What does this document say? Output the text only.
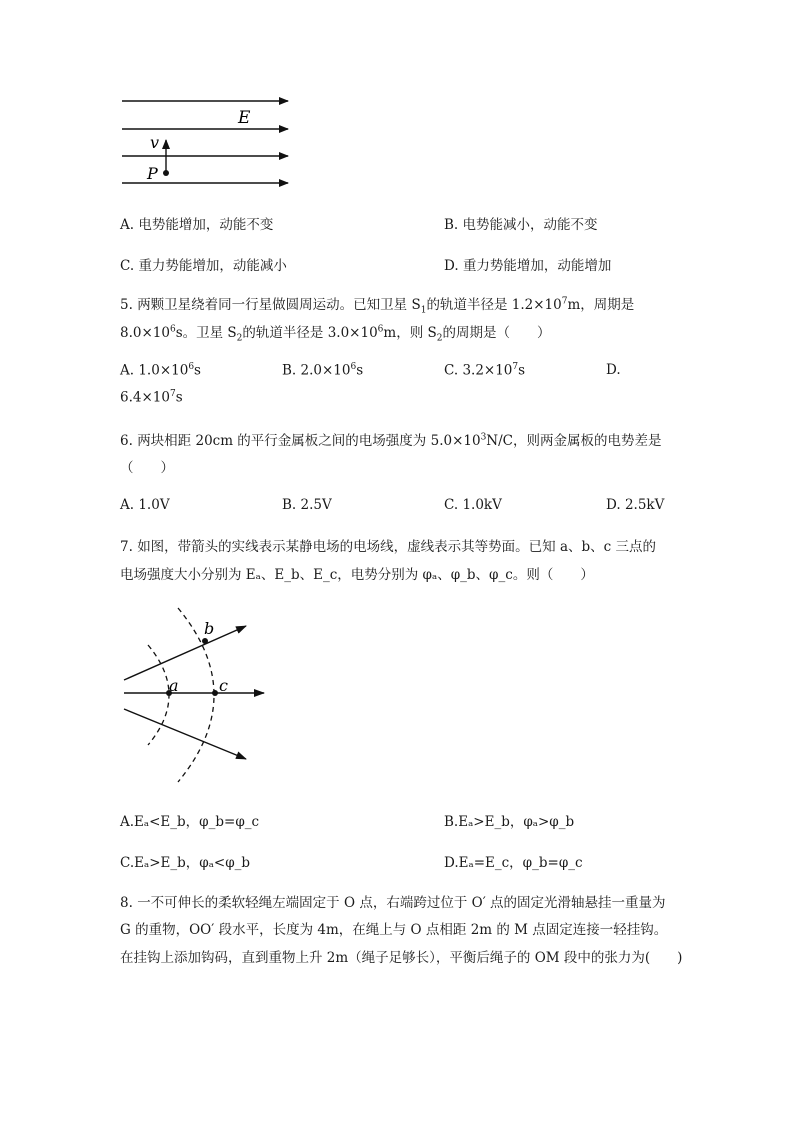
E
v
P
A. 电势能增加，动能不变	B. 电势能减小，动能不变
C. 重力势能增加，动能减小	D. 重力势能增加，动能增加
5. 两颗卫星绕着同一行星做圆周运动。已知卫星 $S_1$的轨道半径是 $1.2\times 10^7m$，周期是
$8.0\times 10^6s$。卫星 $S_2$的轨道半径是 $3.0\times 10^6m$，则 $S_2$的周期是（　　）
A. $1.0\times 10^6s$	B. $2.0\times 10^6s$	C. $3.2\times 10^7s$	D.
$6.4\times 10^7s$
6. 两块相距 20cm 的平行金属板之间的电场强度为 $5.0\times 10^3N/C$，则两金属板的电势差是
（　　）
A. 1.0V	B. 2.5V	C. 1.0kV	D. 2.5kV
7. 如图，带箭头的实线表示某静电场的电场线，虚线表示其等势面。已知 a、b、c 三点的
电场强度大小分别为 Eₐ、E_b、E_c，电势分别为 φₐ、φ_b、φ_c。则（　　）
a
b
c
A.Eₐ<E_b，φ_b=φ_c	B.Eₐ>E_b，φₐ>φ_b
C.Eₐ>E_b，φₐ<φ_b	D.Eₐ=E_c，φ_b=φ_c
8. 一不可伸长的柔软轻绳左端固定于 O 点，右端跨过位于 O′ 点的固定光滑轴悬挂一重量为
G 的重物，OO′ 段水平，长度为 4m，在绳上与 O 点相距 2m 的 M 点固定连接一轻挂钩。
在挂钩上添加钩码，直到重物上升 2m（绳子足够长），平衡后绳子的 OM 段中的张力为(　　)
